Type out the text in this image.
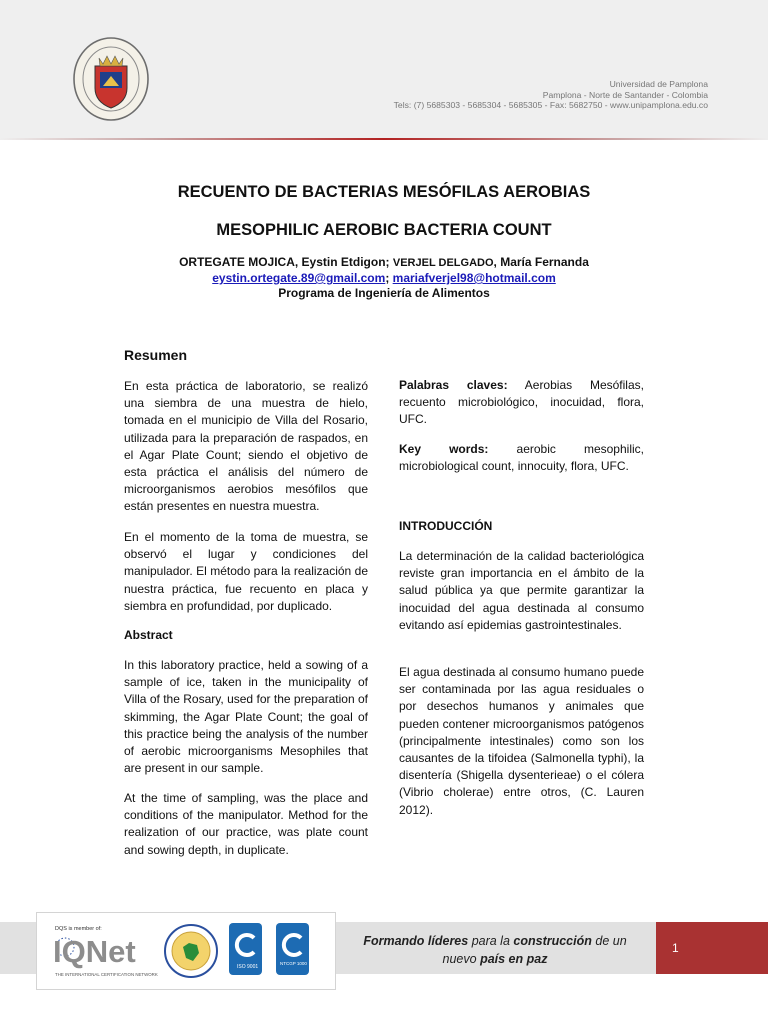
Universidad de Pamplona
Pamplona - Norte de Santander - Colombia
Tels: (7) 5685303 - 5685304 - 5685305 - Fax: 5682750 - www.unipamplona.edu.co
RECUENTO DE BACTERIAS MESÓFILAS AEROBIAS
MESOPHILIC AEROBIC BACTERIA COUNT
ORTEGATE MOJICA, Eystin Etdigon; VERJEL DELGADO, María Fernanda
eystin.ortegate.89@gmail.com; mariafverjel98@hotmail.com
Programa de Ingeniería de Alimentos
Resumen
En esta práctica de laboratorio, se realizó una siembra de una muestra de hielo, tomada en el municipio de Villa del Rosario, utilizada para la preparación de raspados, en el Agar Plate Count; siendo el objetivo de esta práctica el análisis del número de microorganismos aerobios mesófilos que están presentes en nuestra muestra.
En el momento de la toma de muestra, se observó el lugar y condiciones del manipulador. El método para la realización de nuestra práctica, fue recuento en placa y siembra en profundidad, por duplicado.
Abstract
In this laboratory practice, held a sowing of a sample of ice, taken in the municipality of Villa of the Rosary, used for the preparation of skimming, the Agar Plate Count; the goal of this practice being the analysis of the number of aerobic microorganisms Mesophiles that are present in our sample.
At the time of sampling, was the place and conditions of the manipulator. Method for the realization of our practice, was plate count and sowing depth, in duplicate.
Palabras claves: Aerobias Mesófilas, recuento microbiológico, inocuidad, flora, UFC.
Key words: aerobic mesophilic, microbiological count, innocuity, flora, UFC.
INTRODUCCIÓN
La determinación de la calidad bacteriológica reviste gran importancia en el ámbito de la salud pública ya que permite garantizar la inocuidad del agua destinada al consumo evitando así epidemias gastrointestinales.
El agua destinada al consumo humano puede ser contaminada por las agua residuales o por desechos humanos y animales que pueden contener microorganismos patógenos (principalmente intestinales) como son los causantes de la tifoidea (Salmonella typhi), la disentería (Shigella dysenterieae) o el cólera (Vibrio cholerae) entre otros, (C. Lauren 2012).
DQS is member of:
IQNet
THE INTERNATIONAL CERTIFICATION NETWORK
ISO 9001
NTCGP 1000
Formando líderes para la construcción de un
nuevo país en paz
1
